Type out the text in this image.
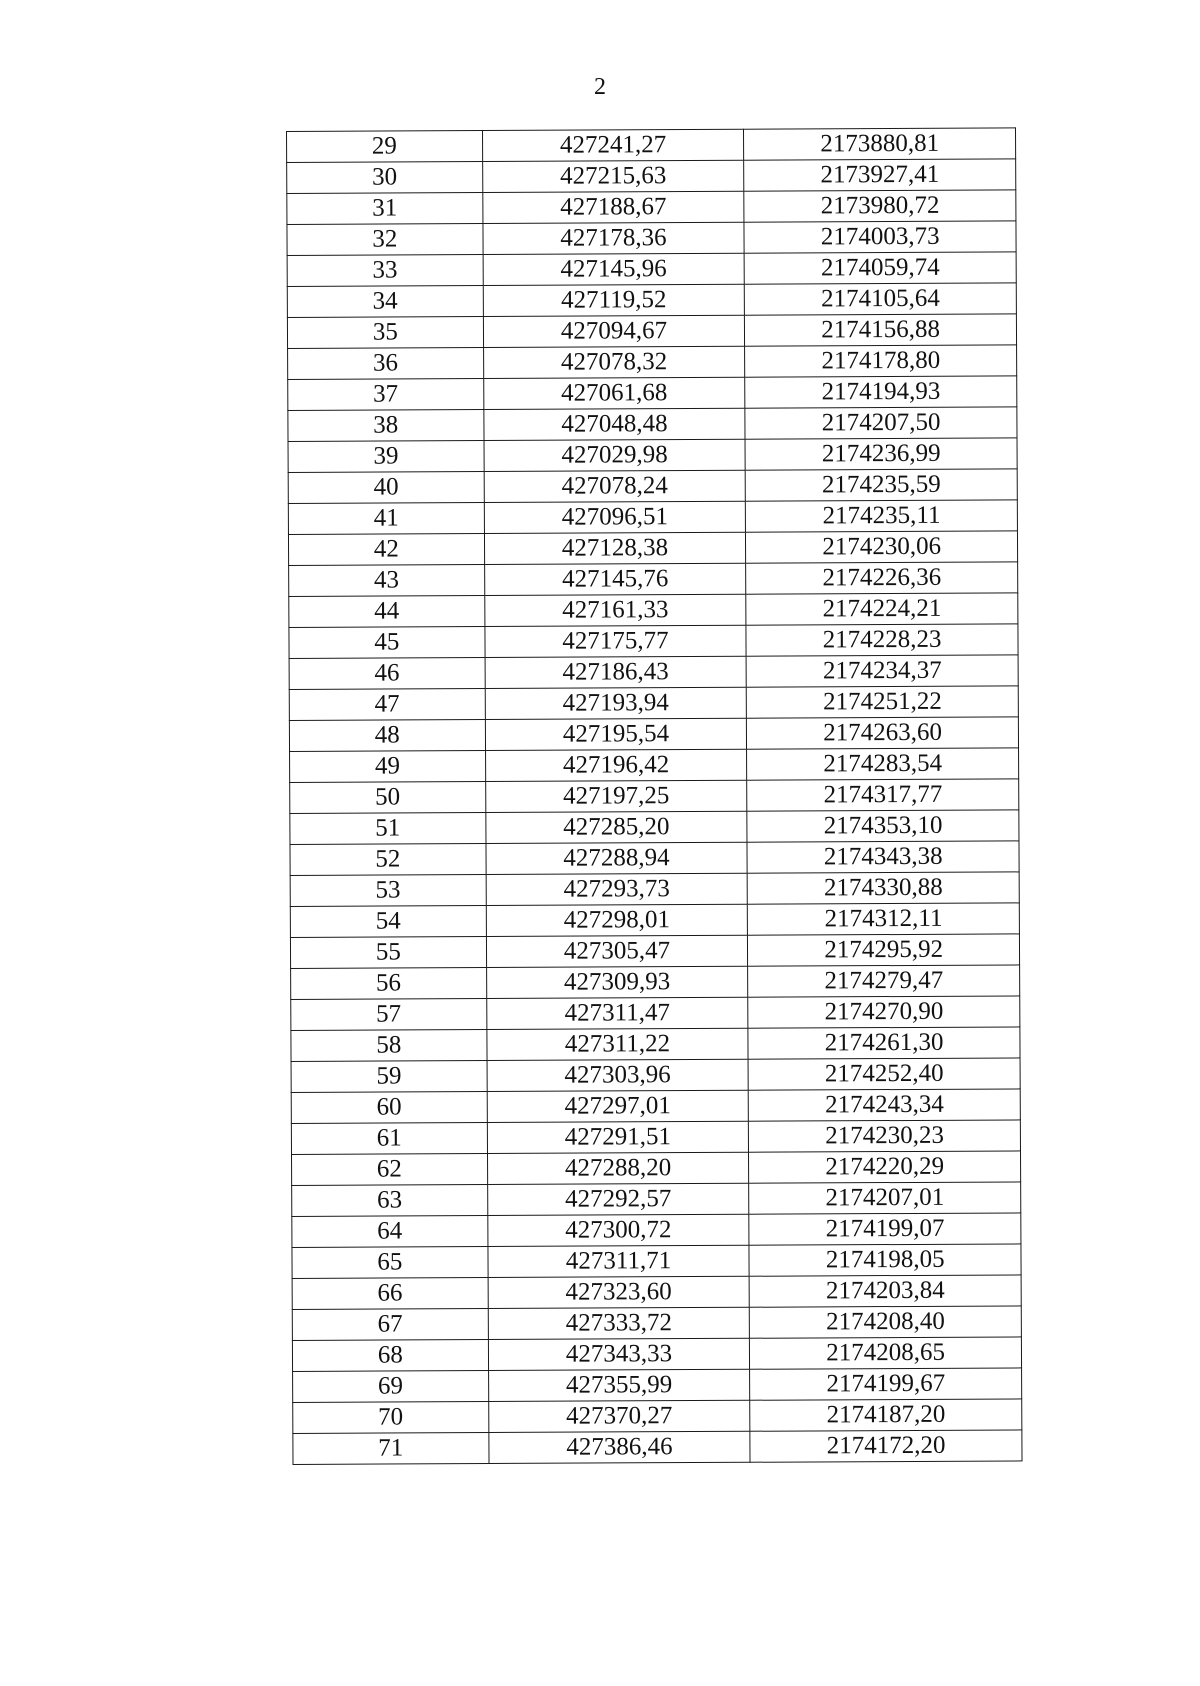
2
29	427241,27	2173880,81
30	427215,63	2173927,41
31	427188,67	2173980,72
32	427178,36	2174003,73
33	427145,96	2174059,74
34	427119,52	2174105,64
35	427094,67	2174156,88
36	427078,32	2174178,80
37	427061,68	2174194,93
38	427048,48	2174207,50
39	427029,98	2174236,99
40	427078,24	2174235,59
41	427096,51	2174235,11
42	427128,38	2174230,06
43	427145,76	2174226,36
44	427161,33	2174224,21
45	427175,77	2174228,23
46	427186,43	2174234,37
47	427193,94	2174251,22
48	427195,54	2174263,60
49	427196,42	2174283,54
50	427197,25	2174317,77
51	427285,20	2174353,10
52	427288,94	2174343,38
53	427293,73	2174330,88
54	427298,01	2174312,11
55	427305,47	2174295,92
56	427309,93	2174279,47
57	427311,47	2174270,90
58	427311,22	2174261,30
59	427303,96	2174252,40
60	427297,01	2174243,34
61	427291,51	2174230,23
62	427288,20	2174220,29
63	427292,57	2174207,01
64	427300,72	2174199,07
65	427311,71	2174198,05
66	427323,60	2174203,84
67	427333,72	2174208,40
68	427343,33	2174208,65
69	427355,99	2174199,67
70	427370,27	2174187,20
71	427386,46	2174172,20
